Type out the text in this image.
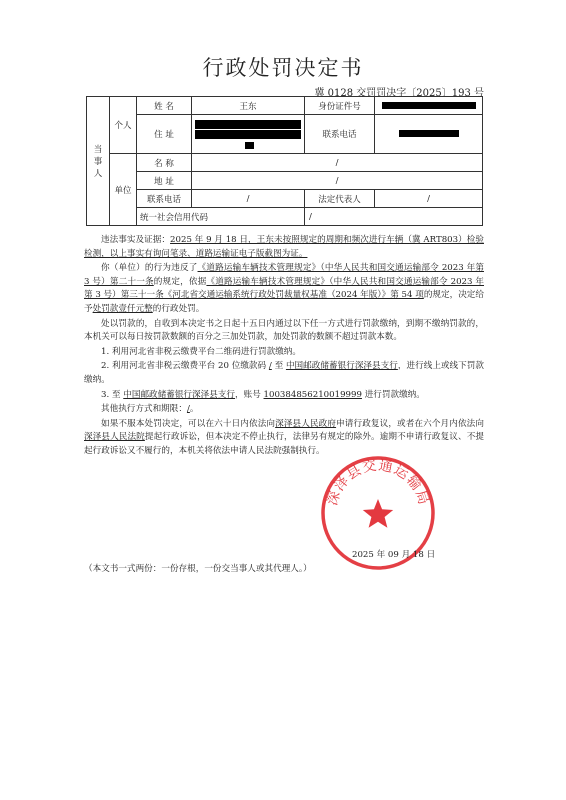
行政处罚决定书
冀 0128 交罚罚决字〔2025〕193 号
当事人	个人	姓 名	王东	身份证件号	
		住 址		联系电话	
	单位	名 称	/		
		地 址	/		
		联系电话	/	法定代表人	/
		统一社会信用代码		/	

违法事实及证据：2025 年 9 月 18 日，王东未按照规定的周期和频次进行车辆（冀 ART803）检验检测，以上事实有询问笔录、道路运输证电子版截图为证。

你（单位）的行为违反了《道路运输车辆技术管理规定》（中华人民共和国交通运输部令 2023 年第 3 号）第二十一条的规定，依据《道路运输车辆技术管理规定》（中华人民共和国交通运输部令 2023 年第 3 号）第三十一条《河北省交通运输系统行政处罚裁量权基准（2024 年版）》第 54 项的规定，决定给予处罚款壹仟元整的行政处罚。

处以罚款的，自收到本决定书之日起十五日内通过以下任一方式进行罚款缴纳，到期不缴纳罚款的，本机关可以每日按罚款数额的百分之三加处罚款，加处罚款的数额不超过罚款本数。

1. 利用河北省非税云缴费平台二维码进行罚款缴纳。

2. 利用河北省非税云缴费平台 20 位缴款码 / 至 中国邮政储蓄银行深泽县支行，进行线上或线下罚款缴纳。

3. 至 中国邮政储蓄银行深泽县支行，账号 100384856210019999 进行罚款缴纳。

其他执行方式和期限：/。

如果不服本处罚决定，可以在六十日内依法向深泽县人民政府申请行政复议，或者在六个月内依法向深泽县人民法院提起行政诉讼，但本决定不停止执行，法律另有规定的除外。逾期不申请行政复议、不提起行政诉讼又不履行的，本机关将依法申请人民法院强制执行。

深泽县交通运输局
2025 年 09 月 18 日
（本文书一式两份：一份存根，一份交当事人或其代理人。）
